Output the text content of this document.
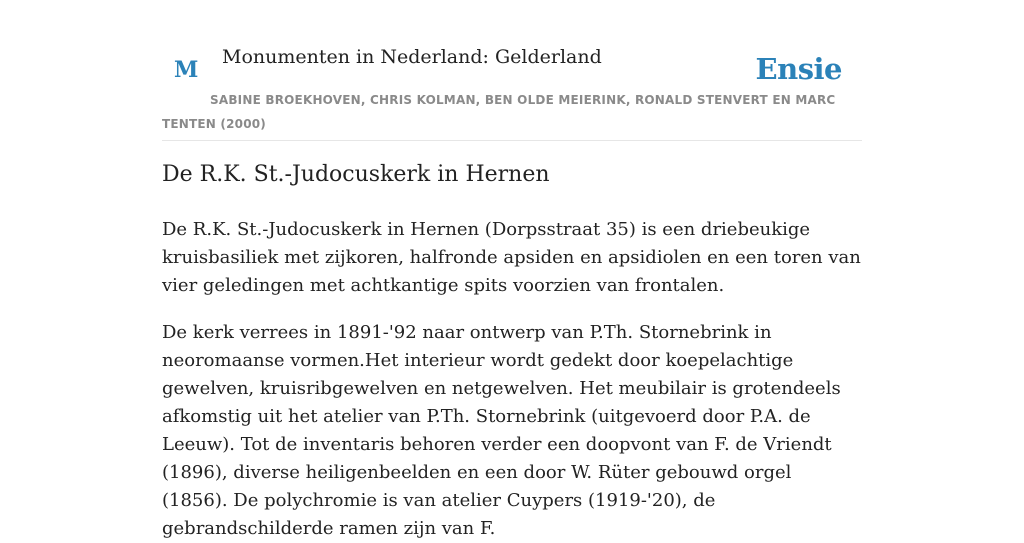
M Monumenten in Nederland: Gelderland	Ensie
SABINE BROEKHOVEN, CHRIS KOLMAN, BEN OLDE MEIERINK, RONALD STENVERT EN MARC TENTEN (2000)
De R.K. St.-Judocuskerk in Hernen

De R.K. St.-Judocuskerk in Hernen (Dorpsstraat 35) is een driebeukige kruisbasiliek met zijkoren, halfronde apsiden en apsidiolen en een toren van vier geledingen met achtkantige spits voorzien van frontalen.

De kerk verrees in 1891-'92 naar ontwerp van P.Th. Stornebrink in neoromaanse vormen.Het interieur wordt gedekt door koepelachtige gewelven, kruisribgewelven en netgewelven. Het meubilair is grotendeels afkomstig uit het atelier van P.Th. Stornebrink (uitgevoerd door P.A. de Leeuw). Tot de inventaris behoren verder een doopvont van F. de Vriendt (1896), diverse heiligenbeelden en een door W. Rüter gebouwd orgel (1856). De polychromie is van atelier Cuypers (1919-'20), de gebrandschilderde ramen zijn van F.
